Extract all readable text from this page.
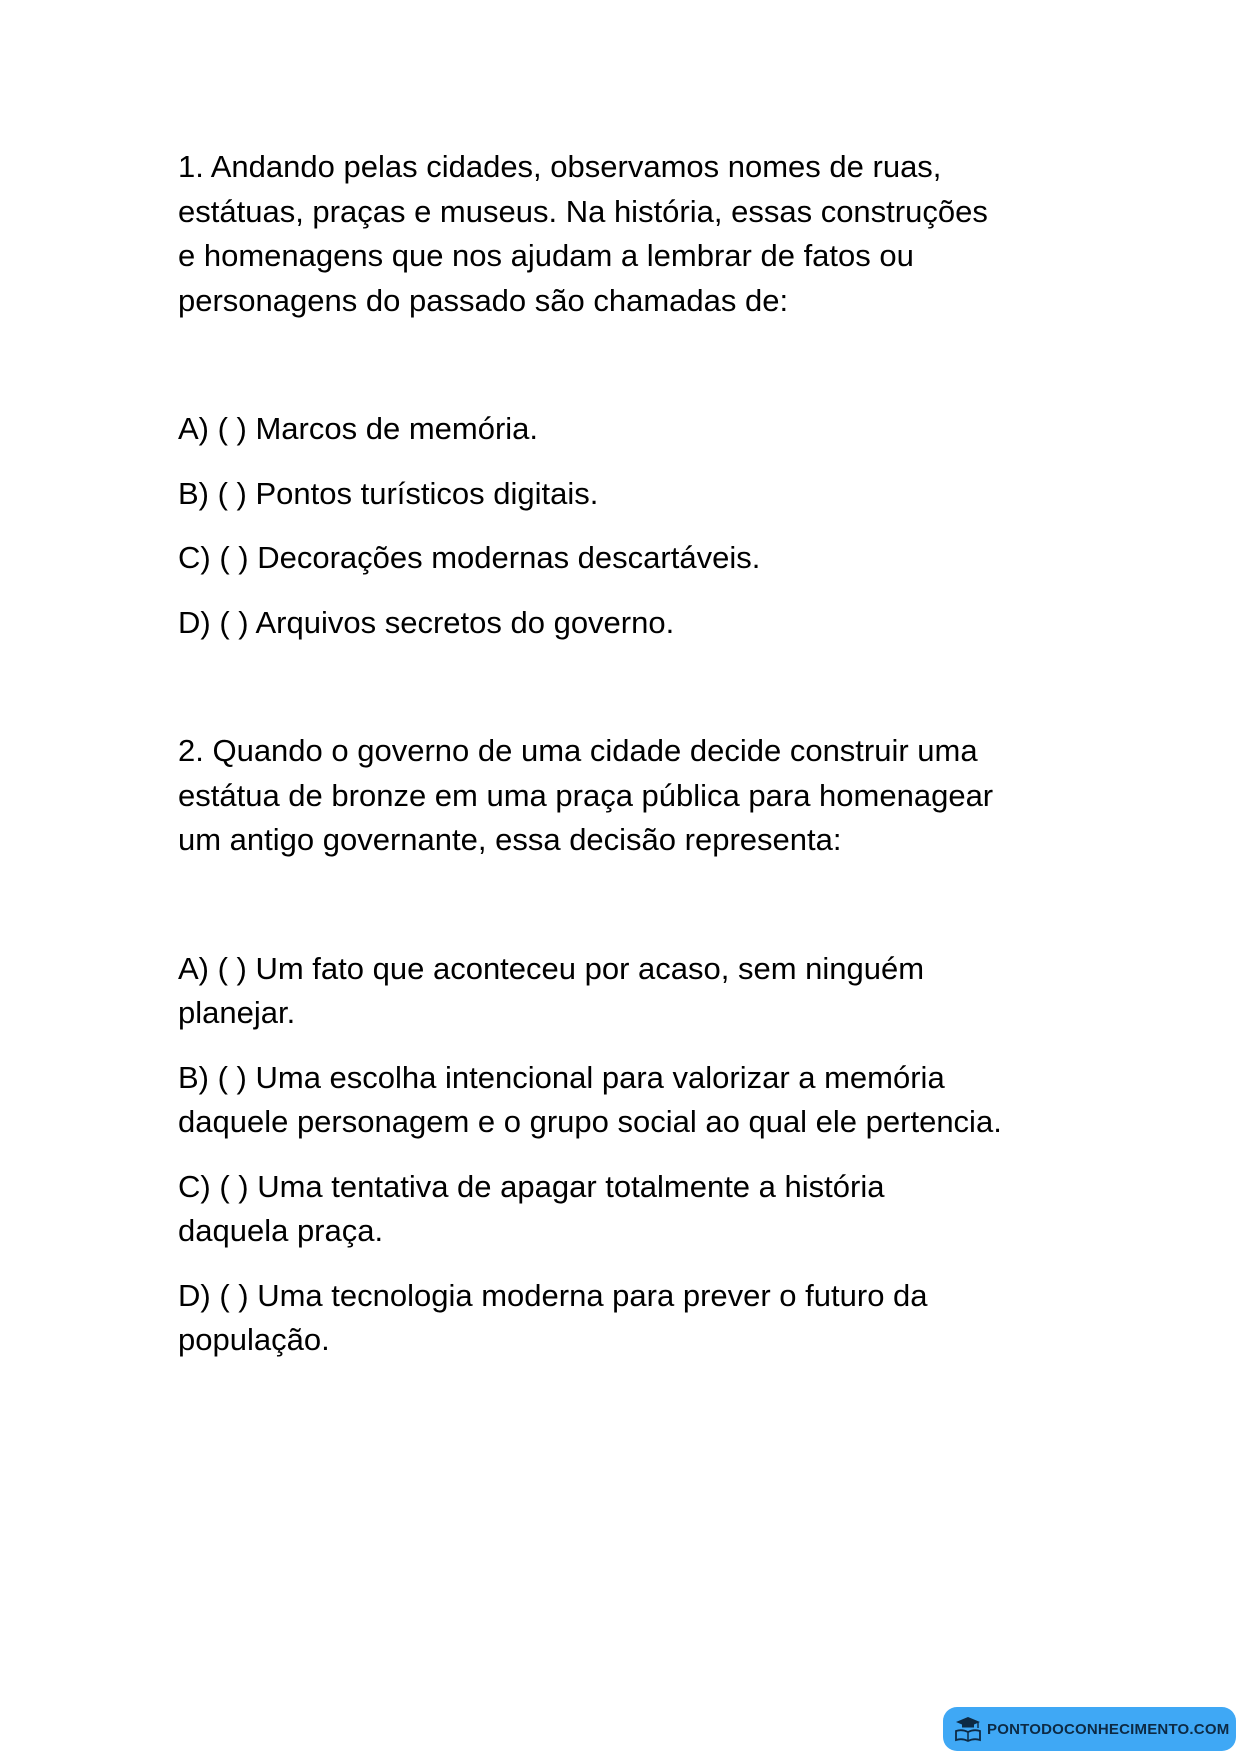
1. Andando pelas cidades, observamos nomes de ruas,
estátuas, praças e museus. Na história, essas construções
e homenagens que nos ajudam a lembrar de fatos ou
personagens do passado são chamadas de:

A) ( ) Marcos de memória.
B) ( ) Pontos turísticos digitais.
C) ( ) Decorações modernas descartáveis.
D) ( ) Arquivos secretos do governo.

2. Quando o governo de uma cidade decide construir uma
estátua de bronze em uma praça pública para homenagear
um antigo governante, essa decisão representa:

A) ( ) Um fato que aconteceu por acaso, sem ninguém
planejar.
B) ( ) Uma escolha intencional para valorizar a memória
daquele personagem e o grupo social ao qual ele pertencia.
C) ( ) Uma tentativa de apagar totalmente a história
daquela praça.
D) ( ) Uma tecnologia moderna para prever o futuro da
população.
PONTODOCONHECIMENTO.COM
